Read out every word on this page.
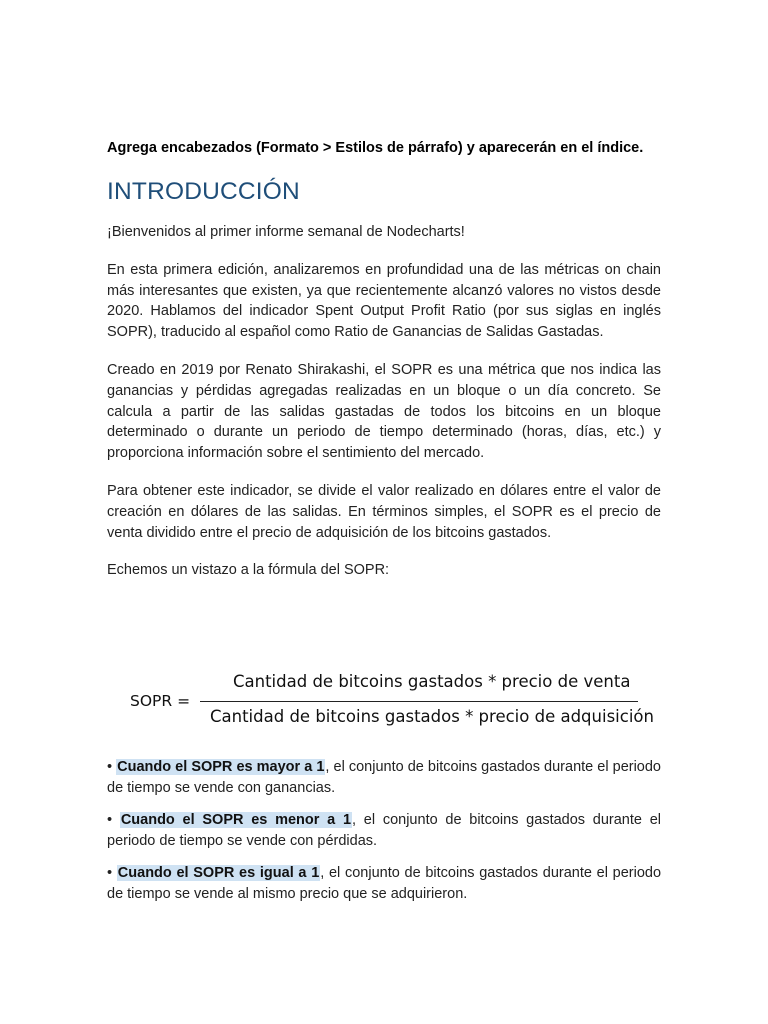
Agrega encabezados (Formato > Estilos de párrafo) y aparecerán en el índice.

INTRODUCCIÓN

¡Bienvenidos al primer informe semanal de Nodecharts!

En esta primera edición, analizaremos en profundidad una de las métricas on chain más interesantes que existen, ya que recientemente alcanzó valores no vistos desde 2020. Hablamos del indicador Spent Output Profit Ratio (por sus siglas en inglés SOPR), traducido al español como Ratio de Ganancias de Salidas Gastadas.

Creado en 2019 por Renato Shirakashi, el SOPR es una métrica que nos indica las ganancias y pérdidas agregadas realizadas en un bloque o un día concreto. Se calcula a partir de las salidas gastadas de todos los bitcoins en un bloque determinado o durante un periodo de tiempo determinado (horas, días, etc.) y proporciona información sobre el sentimiento del mercado.

Para obtener este indicador, se divide el valor realizado en dólares entre el valor de creación en dólares de las salidas. En términos simples, el SOPR es el precio de venta dividido entre el precio de adquisición de los bitcoins gastados.

Echemos un vistazo a la fórmula del SOPR:

SOPR =
Cantidad de bitcoins gastados * precio de venta
Cantidad de bitcoins gastados * precio de adquisición

• Cuando el SOPR es mayor a 1, el conjunto de bitcoins gastados durante el periodo de tiempo se vende con ganancias.

• Cuando el SOPR es menor a 1, el conjunto de bitcoins gastados durante el periodo de tiempo se vende con pérdidas.

• Cuando el SOPR es igual a 1, el conjunto de bitcoins gastados durante el periodo de tiempo se vende al mismo precio que se adquirieron.
